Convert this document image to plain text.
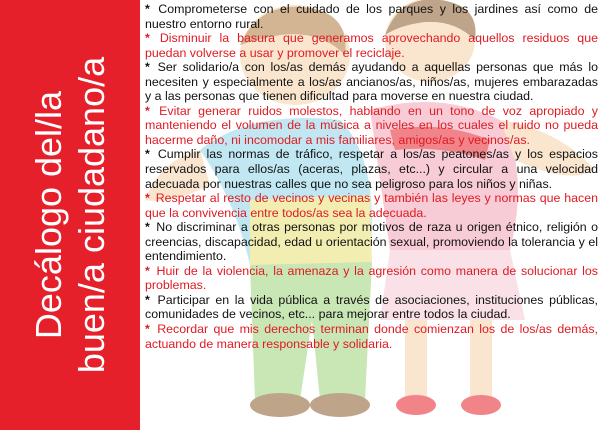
Decálogo del/la buen/a ciudadano/a

* Comprometerse con el cuidado de los parques y los jardines así como de nuestro entorno rural.

* Disminuir la basura que generamos aprovechando aquellos residuos que puedan volverse a usar y promover el reciclaje.

* Ser solidario/a con los/as demás ayudando a aquellas personas que más lo necesiten y especialmente a los/as ancianos/as, niños/as, mujeres embarazadas y a las personas que tienen dificultad para moverse en nuestra ciudad.

* Evitar generar ruidos molestos, hablando en un tono de voz apropiado y manteniendo el volumen de la música a niveles en los cuales el ruido no pueda hacerme daño, ni incomodar a mis familiares, amigos/as y vecinos/as.

* Cumplir las normas de tráfico, respetar a los/as peatones/as y los espacios reservados para ellos/as (aceras, plazas, etc...) y circular a una velocidad adecuada por nuestras calles que no sea peligroso para los niños y niñas.

* Respetar al resto de vecinos y vecinas y también las leyes y normas que hacen que la convivencia entre todos/as sea la adecuada.

* No discriminar a otras personas por motivos de raza u origen étnico, religión o creencias, discapacidad, edad u orientación sexual, promoviendo la tolerancia y el entendimiento.

* Huir de la violencia, la amenaza y la agresión como manera de solucionar los problemas.

* Participar en la vida pública a través de asociaciones, instituciones públicas, comunidades de vecinos, etc... para mejorar entre todos la ciudad.

* Recordar que mis derechos terminan donde comienzan los de los/as demás, actuando de manera responsable y solidaria.
